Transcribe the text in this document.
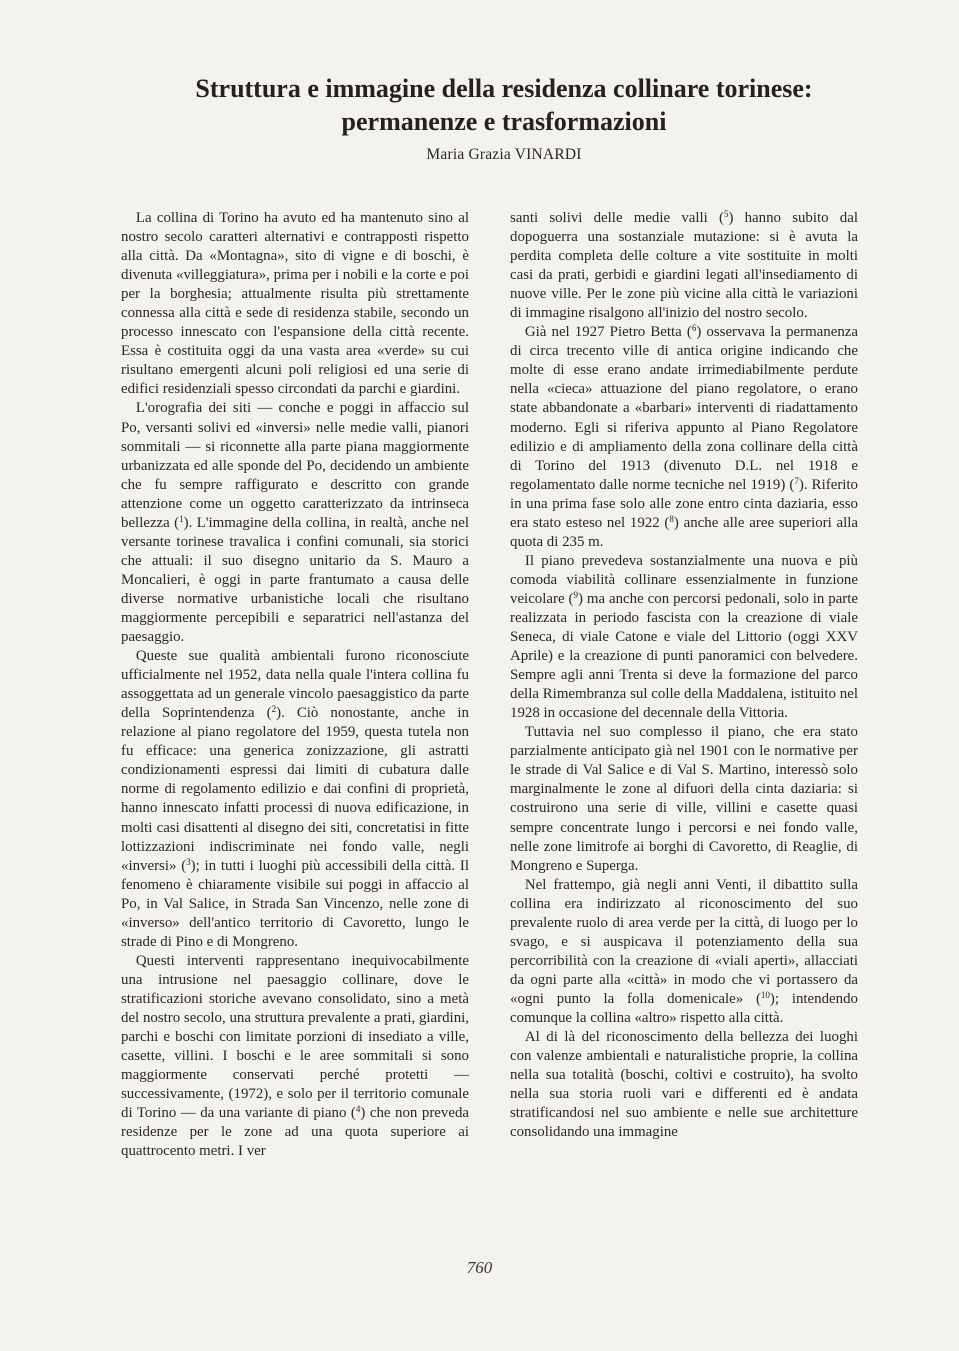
Struttura e immagine della residenza collinare torinese:
permanenze e trasformazioni
Maria Grazia VINARDI

La collina di Torino ha avuto ed ha mantenuto sino al nostro secolo caratteri alternativi e contrapposti rispetto alla città. Da «Montagna», sito di vigne e di boschi, è divenuta «villeggiatura», prima per i nobili e la corte e poi per la borghesia; attualmente risulta più strettamente connessa alla città e sede di residenza stabile, secondo un processo innescato con l'espansione della città recente. Essa è costituita oggi da una vasta area «verde» su cui risultano emergenti alcuni poli religiosi ed una serie di edifici residenziali spesso circondati da parchi e giardini.

L'orografia dei siti — conche e poggi in affaccio sul Po, versanti solivi ed «inversi» nelle medie valli, pianori sommitali — si riconnette alla parte piana maggiormente urbanizzata ed alle sponde del Po, decidendo un ambiente che fu sempre raffigurato e descritto con grande attenzione come un oggetto caratterizzato da intrinseca bellezza ($^1$). L'immagine della collina, in realtà, anche nel versante torinese travalica i confini comunali, sia storici che attuali: il suo disegno unitario da S. Mauro a Moncalieri, è oggi in parte frantumato a causa delle diverse normative urbanistiche locali che risultano maggiormente percepibili e separatrici nell'astanza del paesaggio.

Queste sue qualità ambientali furono riconosciute ufficialmente nel 1952, data nella quale l'intera collina fu assoggettata ad un generale vincolo paesaggistico da parte della Soprintendenza ($^2$). Ciò nonostante, anche in relazione al piano regolatore del 1959, questa tutela non fu efficace: una generica zonizzazione, gli astratti condizionamenti espressi dai limiti di cubatura dalle norme di regolamento edilizio e dai confini di proprietà, hanno innescato infatti processi di nuova edificazione, in molti casi disattenti al disegno dei siti, concretatisi in fitte lottizzazioni indiscriminate nei fondo valle, negli «inversi» ($^3$); in tutti i luoghi più accessibili della città. Il fenomeno è chiaramente visibile sui poggi in affaccio al Po, in Val Salice, in Strada San Vincenzo, nelle zone di «inverso» dell'antico territorio di Cavoretto, lungo le strade di Pino e di Mongreno.

Questi interventi rappresentano inequivocabilmente una intrusione nel paesaggio collinare, dove le stratificazioni storiche avevano consolidato, sino a metà del nostro secolo, una struttura prevalente a prati, giardini, parchi e boschi con limitate porzioni di insediato a ville, casette, villini. I boschi e le aree sommitali si sono maggiormente conservati perché protetti — successivamente, (1972), e solo per il territorio comunale di Torino — da una variante di piano ($^4$) che non preveda residenze per le zone ad una quota superiore ai quattrocento metri. I ver

santi solivi delle medie valli ($^5$) hanno subito dal dopoguerra una sostanziale mutazione: si è avuta la perdita completa delle colture a vite sostituite in molti casi da prati, gerbidi e giardini legati all'insediamento di nuove ville. Per le zone più vicine alla città le variazioni di immagine risalgono all'inizio del nostro secolo.

Già nel 1927 Pietro Betta ($^6$) osservava la permanenza di circa trecento ville di antica origine indicando che molte di esse erano andate irrimediabilmente perdute nella «cieca» attuazione del piano regolatore, o erano state abbandonate a «barbari» interventi di riadattamento moderno. Egli si riferiva appunto al Piano Regolatore edilizio e di ampliamento della zona collinare della città di Torino del 1913 (divenuto D.L. nel 1918 e regolamentato dalle norme tecniche nel 1919) ($^7$). Riferito in una prima fase solo alle zone entro cinta daziaria, esso era stato esteso nel 1922 ($^8$) anche alle aree superiori alla quota di 235 m.

Il piano prevedeva sostanzialmente una nuova e più comoda viabilità collinare essenzialmente in funzione veicolare ($^9$) ma anche con percorsi pedonali, solo in parte realizzata in periodo fascista con la creazione di viale Seneca, di viale Catone e viale del Littorio (oggi XXV Aprile) e la creazione di punti panoramici con belvedere. Sempre agli anni Trenta si deve la formazione del parco della Rimembranza sul colle della Maddalena, istituito nel 1928 in occasione del decennale della Vittoria.

Tuttavia nel suo complesso il piano, che era stato parzialmente anticipato già nel 1901 con le normative per le strade di Val Salice e di Val S. Martino, interessò solo marginalmente le zone al difuori della cinta daziaria: si costruirono una serie di ville, villini e casette quasi sempre concentrate lungo i percorsi e nei fondo valle, nelle zone limitrofe ai borghi di Cavoretto, di Reaglie, di Mongreno e Superga.

Nel frattempo, già negli anni Venti, il dibattito sulla collina era indirizzato al riconoscimento del suo prevalente ruolo di area verde per la città, di luogo per lo svago, e si auspicava il potenziamento della sua percorribilità con la creazione di «viali aperti», allacciati da ogni parte alla «città» in modo che vi portassero da «ogni punto la folla domenicale» ($^{10}$); intendendo comunque la collina «altro» rispetto alla città.

Al di là del riconoscimento della bellezza dei luoghi con valenze ambientali e naturalistiche proprie, la collina nella sua totalità (boschi, coltivi e costruito), ha svolto nella sua storia ruoli vari e differenti ed è andata stratificandosi nel suo ambiente e nelle sue architetture consolidando una immagine

760
